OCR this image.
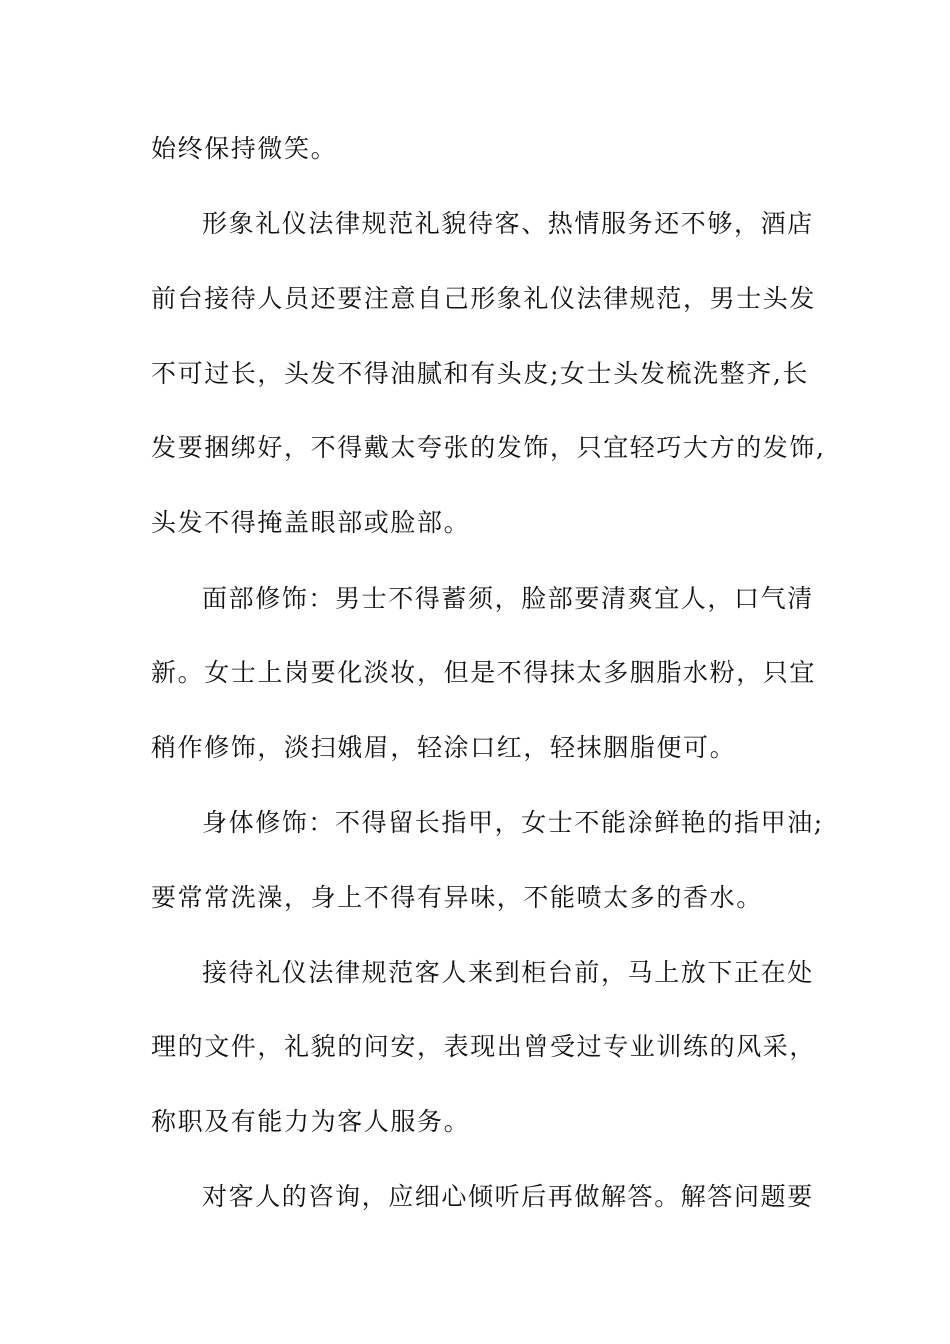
始终保持微笑。
形象礼仪法律规范礼貌待客、热情服务还不够，酒店
前台接待人员还要注意自己形象礼仪法律规范，男士头发
不可过长，头发不得油腻和有头皮;女士头发梳洗整齐,长
发要捆绑好，不得戴太夸张的发饰，只宜轻巧大方的发饰,
头发不得掩盖眼部或脸部。
面部修饰：男士不得蓄须，脸部要清爽宜人，口气清
新。女士上岗要化淡妆，但是不得抹太多胭脂水粉，只宜
稍作修饰，淡扫娥眉，轻涂口红，轻抹胭脂便可。
身体修饰：不得留长指甲，女士不能涂鲜艳的指甲油;
要常常洗澡，身上不得有异味，不能喷太多的香水。
接待礼仪法律规范客人来到柜台前，马上放下正在处
理的文件，礼貌的问安，表现出曾受过专业训练的风采，
称职及有能力为客人服务。
对客人的咨询，应细心倾听后再做解答。解答问题要
